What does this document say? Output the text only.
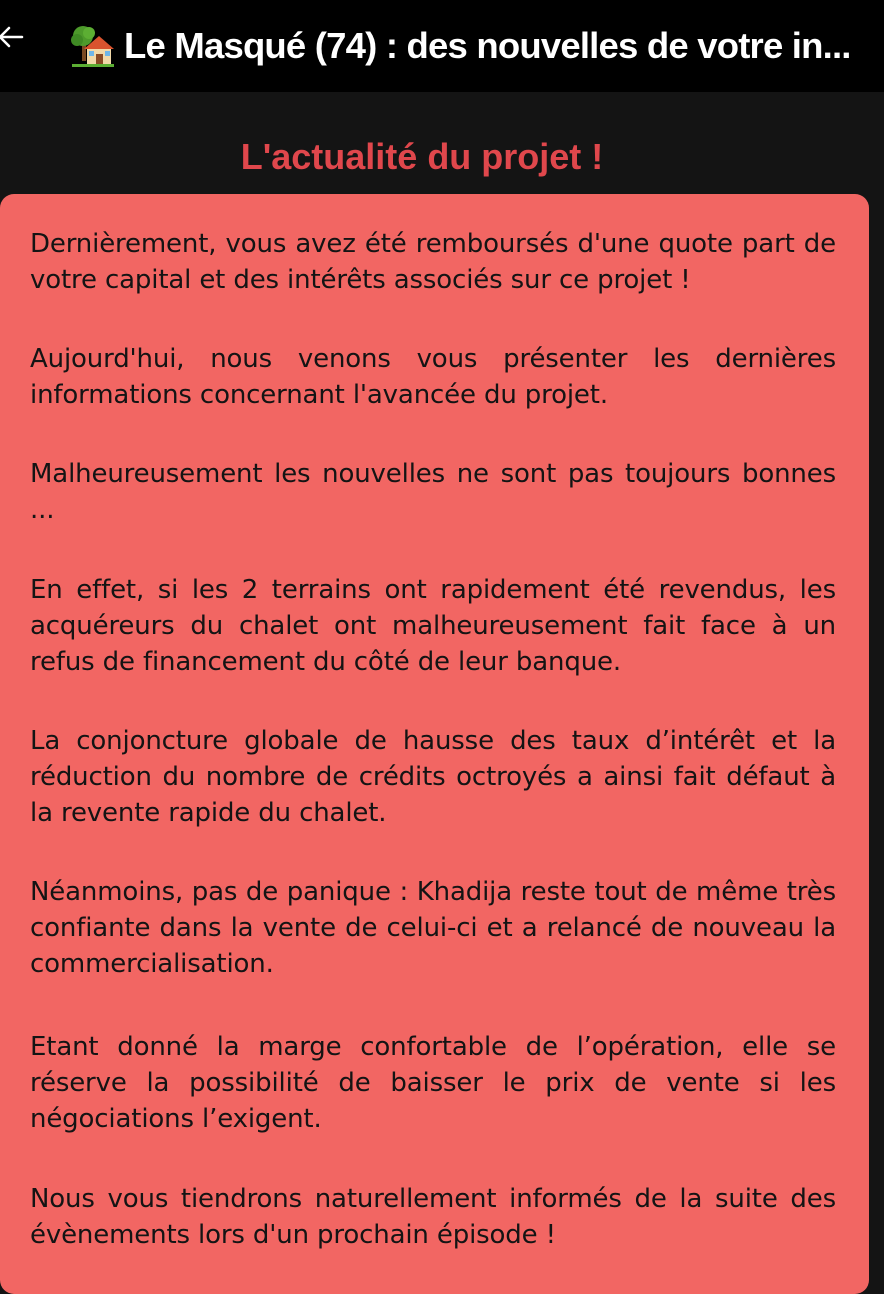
Le Masqué (74) : des nouvelles de votre in...
L'actualité du projet !

Dernièrement, vous avez été remboursés d'une quote part de votre capital et des intérêts associés sur ce projet !

Aujourd'hui, nous venons vous présenter les dernières informations concernant l'avancée du projet.

Malheureusement les nouvelles ne sont pas toujours bonnes ...

En effet, si les 2 terrains ont rapidement été revendus, les acquéreurs du chalet ont malheureusement fait face à un refus de financement du côté de leur banque.

La conjoncture globale de hausse des taux d’intérêt et la réduction du nombre de crédits octroyés a ainsi fait défaut à la revente rapide du chalet.

Néanmoins, pas de panique : Khadija reste tout de même très confiante dans la vente de celui-ci et a relancé de nouveau la commercialisation.

Etant donné la marge confortable de l’opération, elle se réserve la possibilité de baisser le prix de vente si les négociations l’exigent.

Nous vous tiendrons naturellement informés de la suite des évènements lors d'un prochain épisode !
